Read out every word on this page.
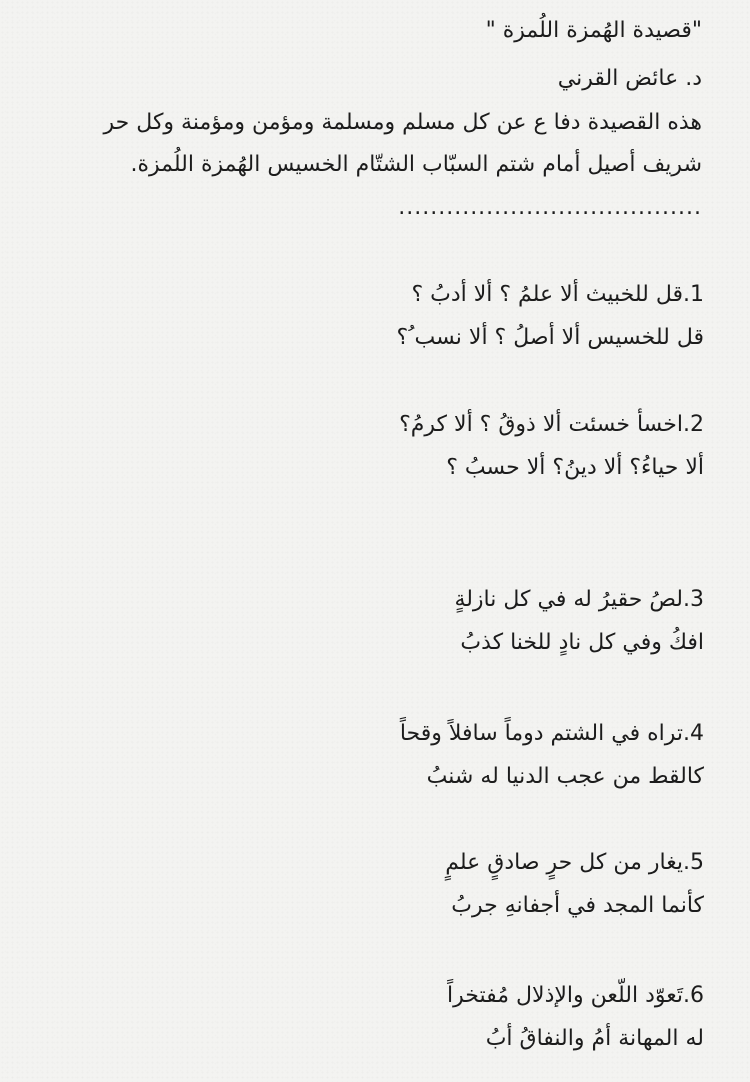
"قصيدة الهُمزة اللُمزة "
د. عائض القرني
هذه القصيدة دفا ع عن كل مسلم ومسلمة ومؤمن ومؤمنة وكل حر
شريف أصيل أمام شتم السبّاب الشتّام الخسيس الهُمزة اللُمزة.
......................................
1.قل للخبيث ألا علمُ ؟ ألا أدبُ ؟
قل للخسيس ألا أصلُ ؟ ألا نسب ُ؟
2.اخسأ خسئت ألا ذوقُ ؟ ألا كرمُ؟
ألا حياءُ؟ ألا دينُ؟ ألا حسبُ ؟
3.لصُ حقيرُ له في كل نازلةٍ
افكُ وفي كل نادٍ للخنا كذبُ
4.تراه في الشتم دوماً سافلاً وقحاً
كالقط من عجب الدنيا له شنبُ
5.يغار من كل حرٍ صادقٍ علمٍ
كأنما المجد في أجفانهِ جربُ
6.تَعوّد اللّعن والإذلال مُفتخراً
له المهانة أمُ والنفاقُ أبُ
